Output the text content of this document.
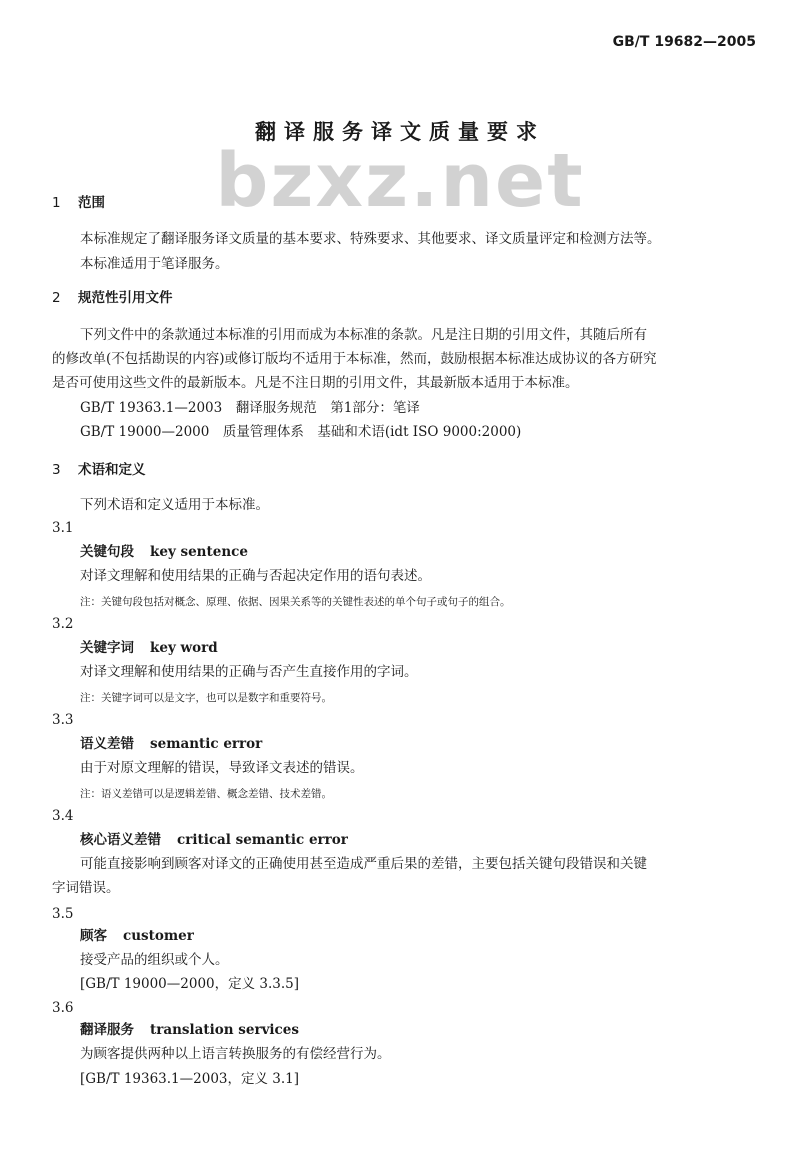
GB/T 19682—2005
bzxz.net
翻译服务译文质量要求
1 范围
本标准规定了翻译服务译文质量的基本要求、特殊要求、其他要求、译文质量评定和检测方法等。
本标准适用于笔译服务。
2 规范性引用文件
下列文件中的条款通过本标准的引用而成为本标准的条款。凡是注日期的引用文件，其随后所有
的修改单(不包括勘误的内容)或修订版均不适用于本标准，然而，鼓励根据本标准达成协议的各方研究
是否可使用这些文件的最新版本。凡是不注日期的引用文件，其最新版本适用于本标准。
GB/T 19363.1—2003　翻译服务规范　第1部分：笔译
GB/T 19000—2000　质量管理体系　基础和术语(idt ISO 9000:2000)
3 术语和定义
下列术语和定义适用于本标准。
3.1
关键句段 key sentence
对译文理解和使用结果的正确与否起决定作用的语句表述。
注：关键句段包括对概念、原理、依据、因果关系等的关键性表述的单个句子或句子的组合。
3.2
关键字词 key word
对译文理解和使用结果的正确与否产生直接作用的字词。
注：关键字词可以是文字，也可以是数字和重要符号。
3.3
语义差错 semantic error
由于对原文理解的错误，导致译文表述的错误。
注：语义差错可以是逻辑差错、概念差错、技术差错。
3.4
核心语义差错 critical semantic error
可能直接影响到顾客对译文的正确使用甚至造成严重后果的差错，主要包括关键句段错误和关键
字词错误。
3.5
顾客 customer
接受产品的组织或个人。
[GB/T 19000—2000，定义 3.3.5]
3.6
翻译服务 translation services
为顾客提供两种以上语言转换服务的有偿经营行为。
[GB/T 19363.1—2003，定义 3.1]
